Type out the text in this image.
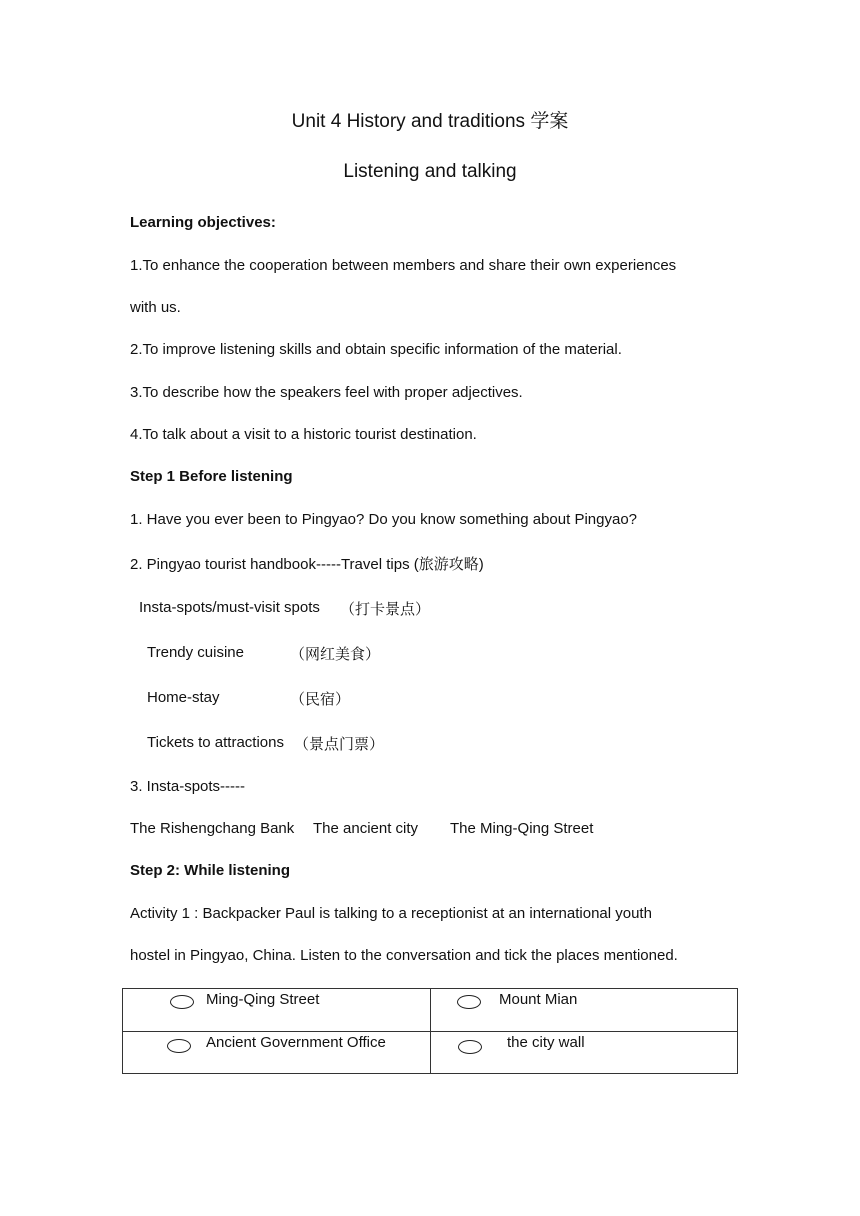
Unit 4 History and traditions 学案
Listening and talking
Learning objectives:
1.To enhance the cooperation between members and share their own experiences
with us.
2.To improve listening skills and obtain specific information of the material.
3.To describe how the speakers feel with proper adjectives.
4.To talk about a visit to a historic tourist destination.
Step 1 Before listening
1. Have you ever been to Pingyao? Do you know something about Pingyao?
2. Pingyao tourist handbook-----Travel tips (旅游攻略)
Insta-spots/must-visit spots （打卡景点）
Trendy cuisine	（网红美食）
Home-stay	（民宿）
Tickets to attractions （景点门票）
3. Insta-spots-----
The Rishengchang Bank The ancient city The Ming-Qing Street
Step 2: While listening
Activity 1 : Backpacker Paul is talking to a receptionist at an international youth
hostel in Pingyao, China. Listen to the conversation and tick the places mentioned.
Ming-Qing Street	Mount Mian
Ancient Government Office	the city wall
